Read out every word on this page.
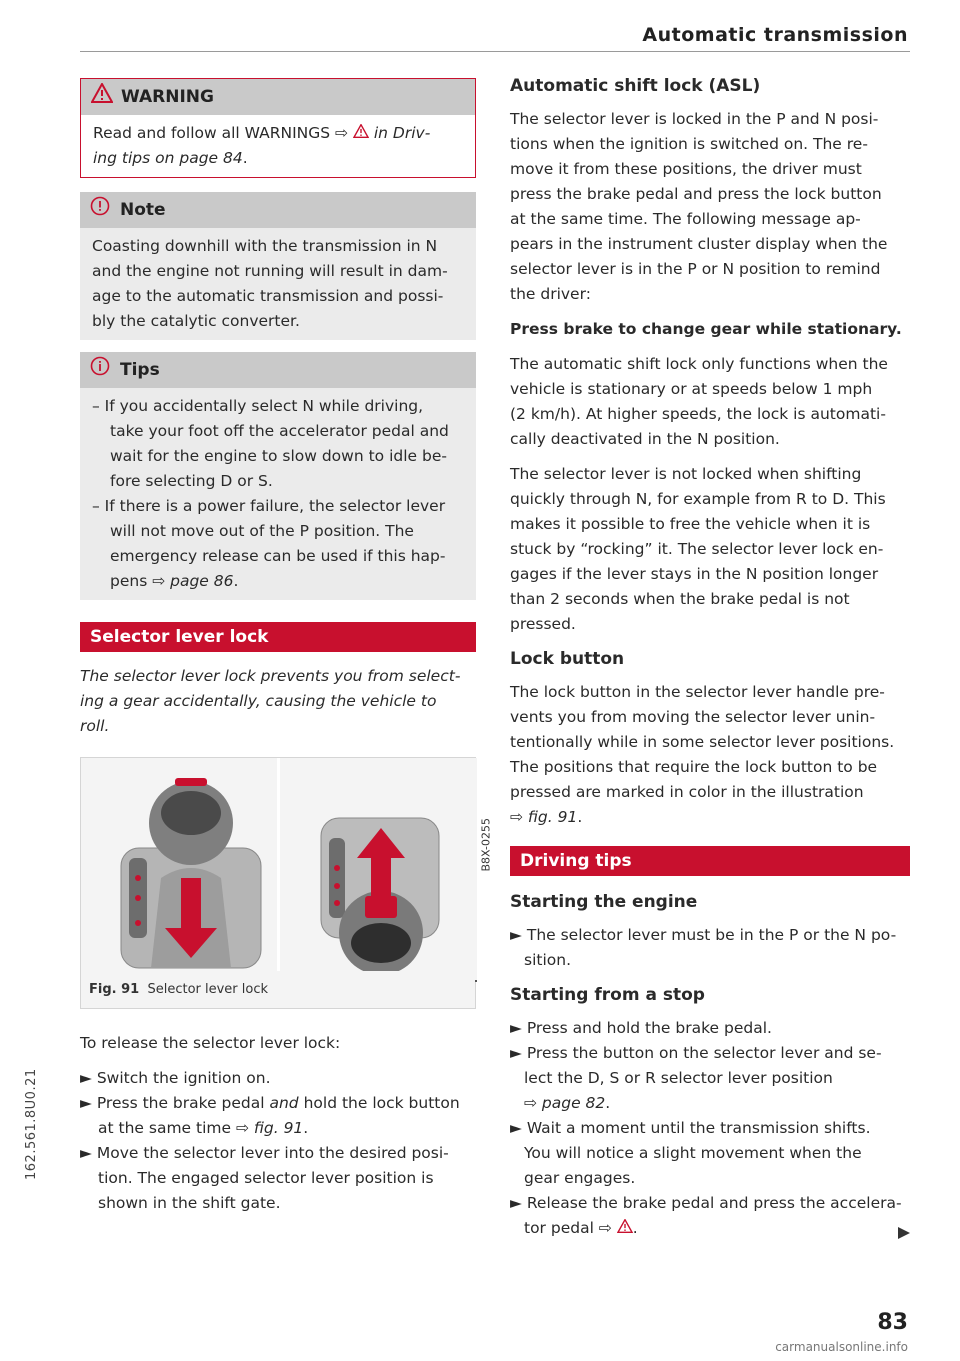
Automatic transmission
WARNING
Read and follow all WARNINGS ⇨  in Driv-
ing tips on page 84.
Note
Coasting downhill with the transmission in N
and the engine not running will result in dam-
age to the automatic transmission and possi-
bly the catalytic converter.
Tips
– If you accidentally select N while driving,
take your foot off the accelerator pedal and
wait for the engine to slow down to idle be-
fore selecting D or S.
– If there is a power failure, the selector lever
will not move out of the P position. The
emergency release can be used if this hap-
pens ⇨ page 86.
Selector lever lock
The selector lever lock prevents you from select-
ing a gear accidentally, causing the vehicle to
roll.
B8X-0255
Fig. 91 Selector lever lock
To release the selector lever lock:
► Switch the ignition on.
► Press the brake pedal and hold the lock button
at the same time ⇨ fig. 91.
► Move the selector lever into the desired posi-
tion. The engaged selector lever position is
shown in the shift gate.
Automatic shift lock (ASL)
The selector lever is locked in the P and N posi-
tions when the ignition is switched on. The re-
move it from these positions, the driver must
press the brake pedal and press the lock button
at the same time. The following message ap-
pears in the instrument cluster display when the
selector lever is in the P or N position to remind
the driver:
Press brake to change gear while stationary.
The automatic shift lock only functions when the
vehicle is stationary or at speeds below 1 mph
(2 km/h). At higher speeds, the lock is automati-
cally deactivated in the N position.
The selector lever is not locked when shifting
quickly through N, for example from R to D. This
makes it possible to free the vehicle when it is
stuck by “rocking” it. The selector lever lock en-
gages if the lever stays in the N position longer
than 2 seconds when the brake pedal is not
pressed.
Lock button
The lock button in the selector lever handle pre-
vents you from moving the selector lever unin-
tentionally while in some selector lever positions.
The positions that require the lock button to be
pressed are marked in color in the illustration
⇨ fig. 91.
Driving tips
Starting the engine
► The selector lever must be in the P or the N po-
sition.
Starting from a stop
► Press and hold the brake pedal.
► Press the button on the selector lever and se-
lect the D, S or R selector lever position
⇨ page 82.
► Wait a moment until the transmission shifts.
You will notice a slight movement when the
gear engages.
► Release the brake pedal and press the accelera-
tor pedal ⇨ .
162.561.8U0.21
83
carmanualsonline.info
